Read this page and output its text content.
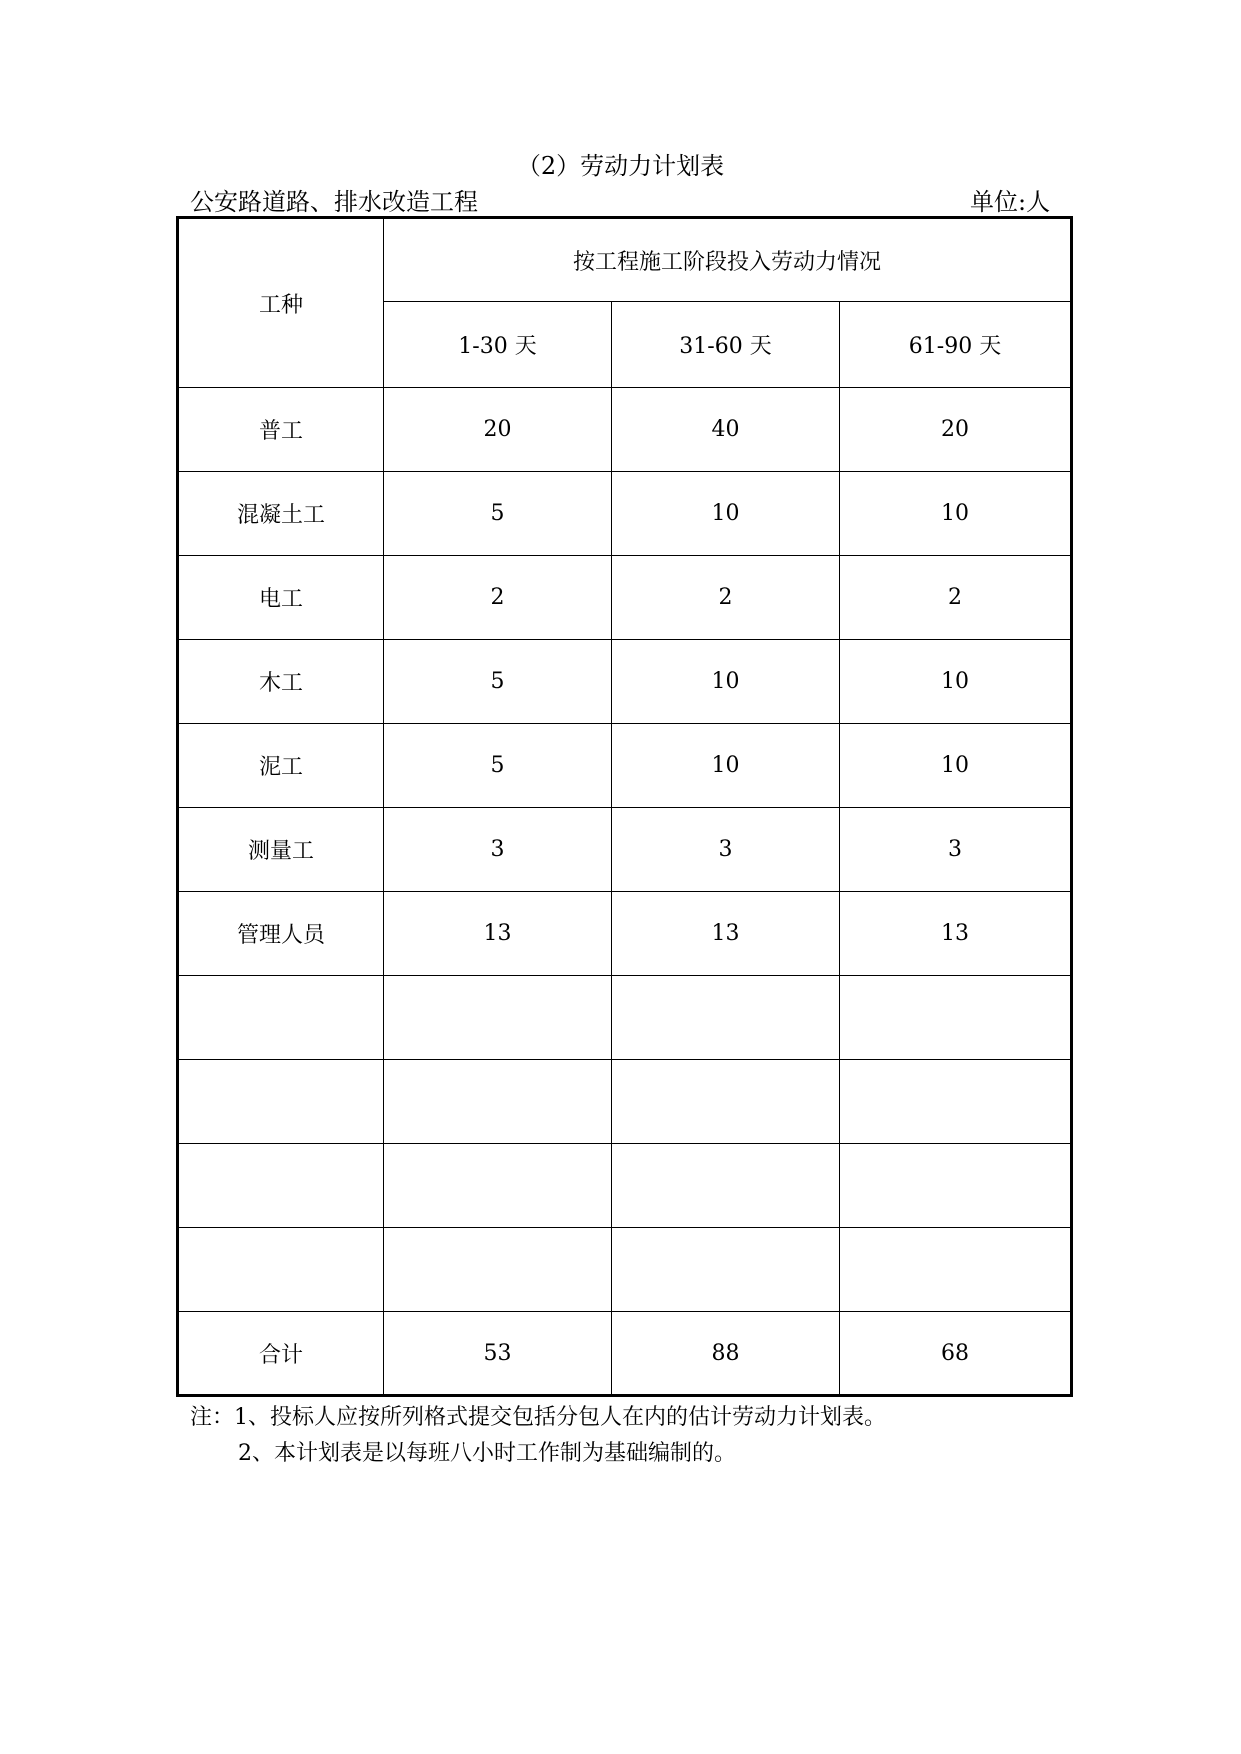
（2）劳动力计划表
公安路道路、排水改造工程	单位:人
工种	按工程施工阶段投入劳动力情况		
	1-30 天	31-60 天	61-90 天
普工	20	40	20
混凝土工	5	10	10
电工	2	2	2
木工	5	10	10
泥工	5	10	10
测量工	3	3	3
管理人员	13	13	13

合计	53	88	68
注：1、投标人应按所列格式提交包括分包人在内的估计劳动力计划表。
2、本计划表是以每班八小时工作制为基础编制的。
